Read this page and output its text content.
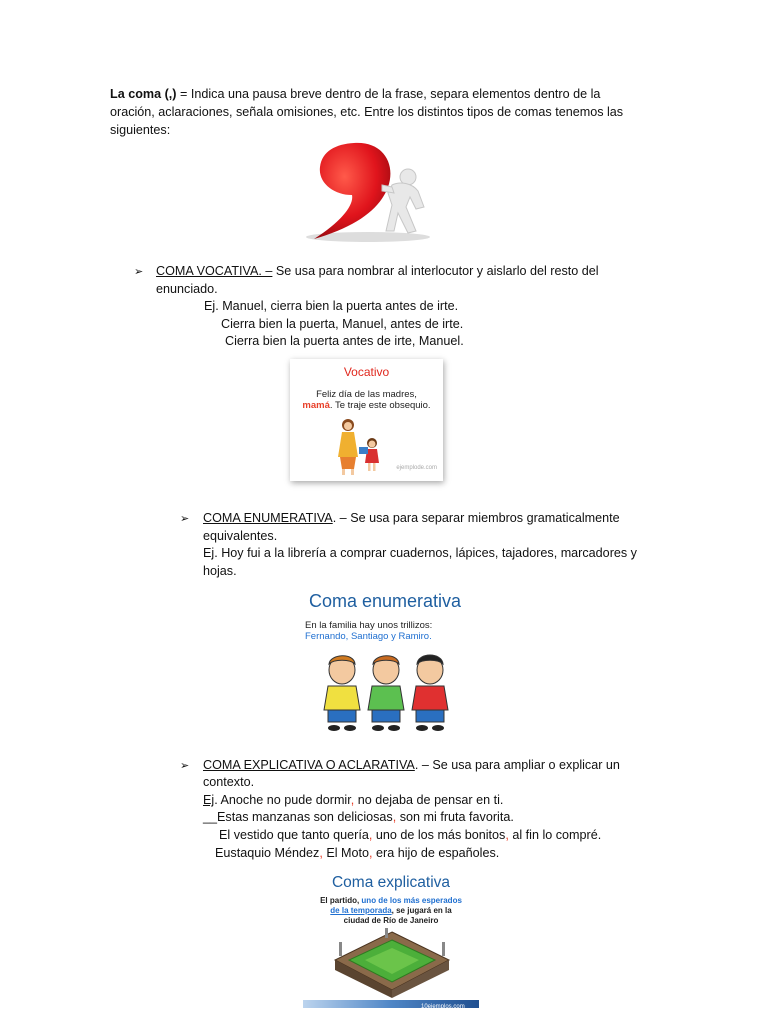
La coma (,) = Indica una pausa breve dentro de la frase, separa elementos dentro de la
oración, aclaraciones, señala omisiones, etc. Entre los distintos tipos de comas tenemos las
siguientes:
➢ COMA VOCATIVA. – Se usa para nombrar al interlocutor y aislarlo del resto del
enunciado.
Ej. Manuel, cierra bien la puerta antes de irte.
Cierra bien la puerta, Manuel, antes de irte.
Cierra bien la puerta antes de irte, Manuel.
Vocativo
Feliz día de las madres,
mamá. Te traje este obsequio.
ejemplode.com
➢ COMA ENUMERATIVA. – Se usa para separar miembros gramaticalmente
equivalentes.
Ej. Hoy fui a la librería a comprar cuadernos, lápices, tajadores, marcadores y
hojas.
Coma enumerativa
En la familia hay unos trillizos:
Fernando, Santiago y Ramiro.
➢ COMA EXPLICATIVA O ACLARATIVA. – Se usa para ampliar o explicar un
contexto.
Ej. Anoche no pude dormir, no dejaba de pensar en ti.
__Estas manzanas son deliciosas, son mi fruta favorita.
El vestido que tanto quería, uno de los más bonitos, al fin lo compré.
Eustaquio Méndez, El Moto, era hijo de españoles.
Coma explicativa
El partido, uno de los más esperados
de la temporada, se jugará en la
ciudad de Río de Janeiro
10ejemplos.com
